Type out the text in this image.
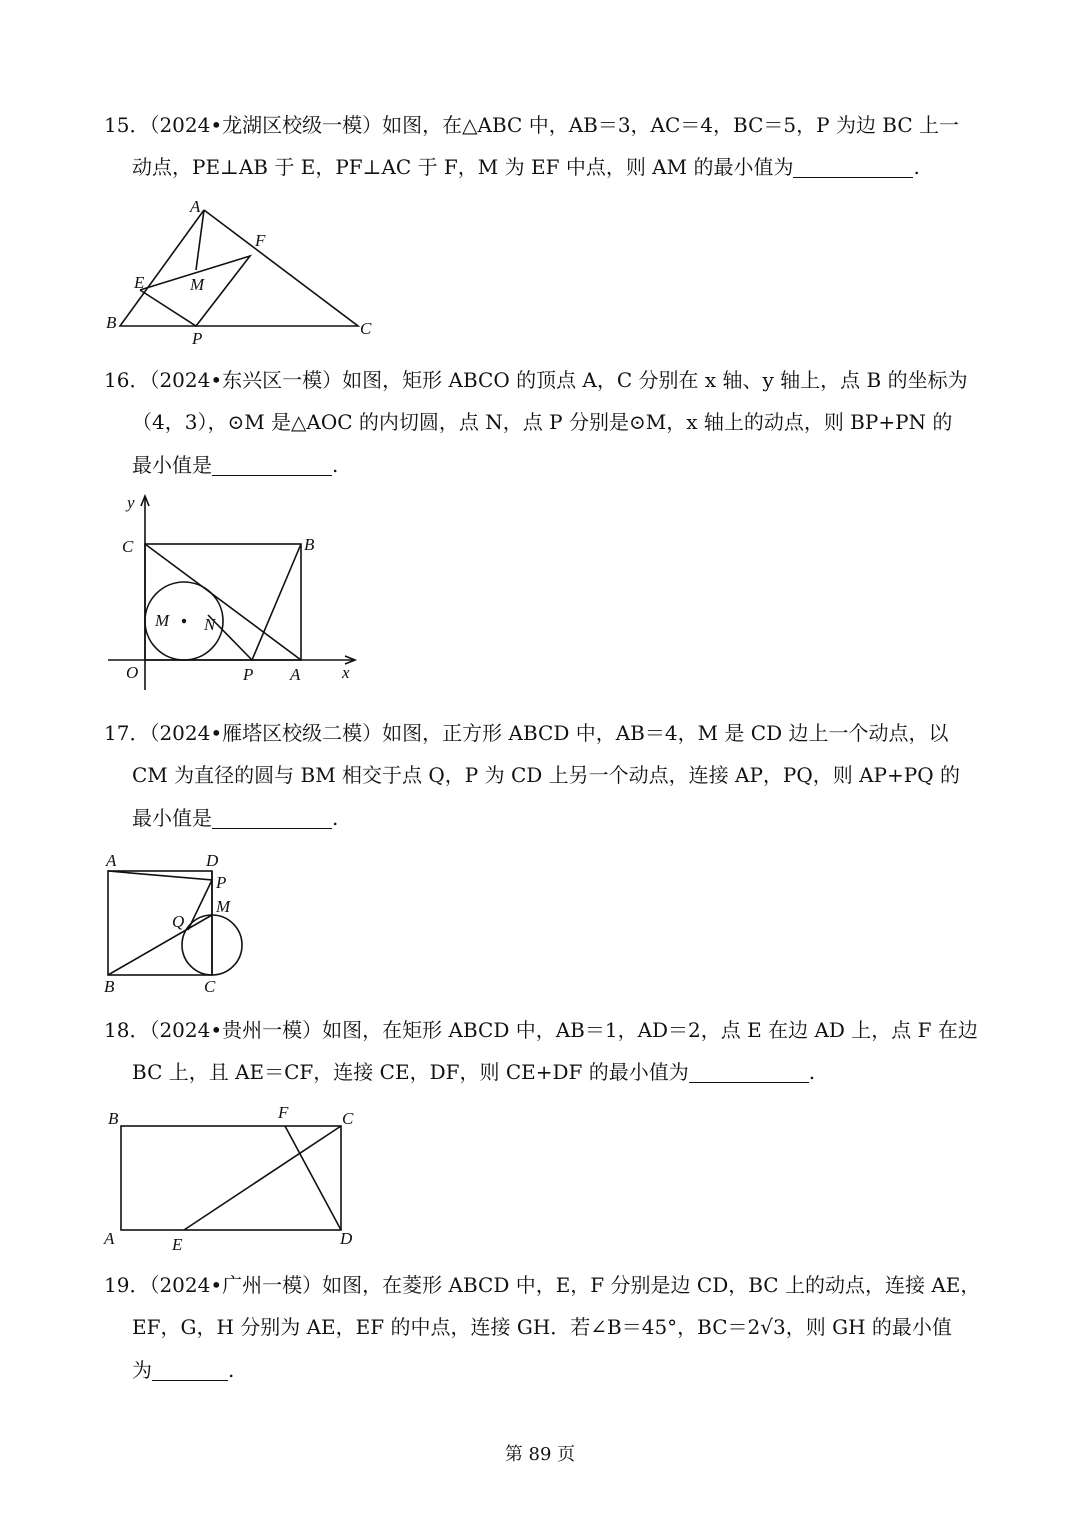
15．（2024•龙湖区校级一模）如图，在△ABC 中，AB＝3，AC＝4，BC＝5，P 为边 BC 上一
动点，PE⊥AB 于 E，PF⊥AC 于 F，M 为 EF 中点，则 AM 的最小值为	.
A
F
E	M
B
P
C
16．（2024•东兴区一模）如图，矩形 ABCO 的顶点 A，C 分别在 x 轴、y 轴上，点 B 的坐标为
（4，3），⊙M 是△AOC 的内切圆，点 N，点 P 分别是⊙M，x 轴上的动点，则 BP+PN 的
最小值是	.
y
C	B
M N
O	P A x
17．（2024•雁塔区校级二模）如图，正方形 ABCD 中，AB＝4，M 是 CD 边上一个动点，以
CM 为直径的圆与 BM 相交于点 Q，P 为 CD 上另一个动点，连接 AP，PQ，则 AP+PQ 的
最小值是	.
A	D
P
M
Q
B	C
18．（2024•贵州一模）如图，在矩形 ABCD 中，AB＝1，AD＝2，点 E 在边 AD 上，点 F 在边
BC 上，且 AE＝CF，连接 CE，DF，则 CE+DF 的最小值为	.
B	F	C
A	E	D
19．（2024•广州一模）如图，在菱形 ABCD 中，E，F 分别是边 CD，BC 上的动点，连接 AE，
EF，G，H 分别为 AE，EF 的中点，连接 GH．若∠B＝45°，BC＝2√3，则 GH 的最小值
为	.
第 89 页
